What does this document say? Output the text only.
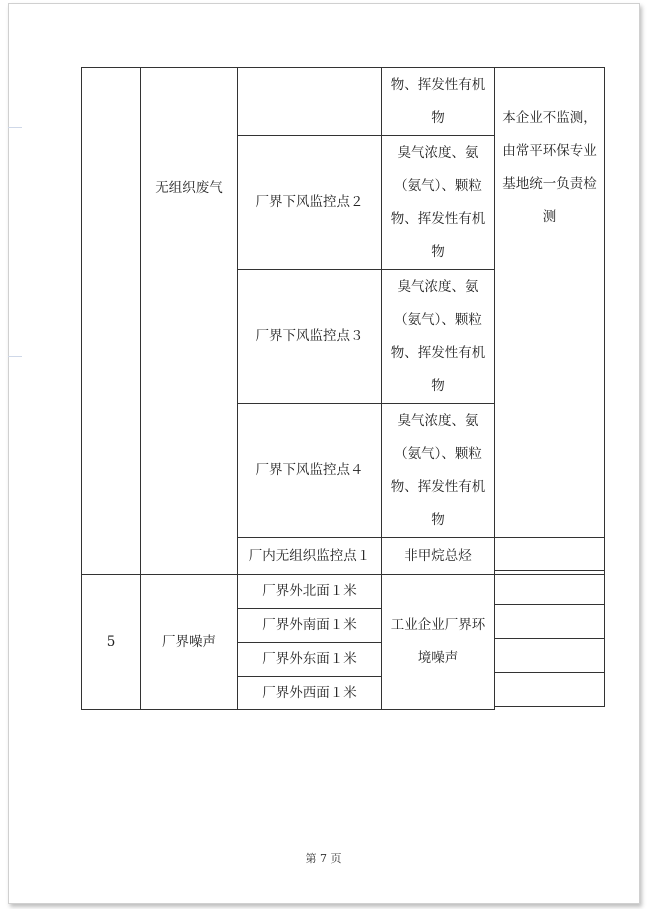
5
无组织废气
厂界噪声
厂界下风监控点２
厂界下风监控点３
厂界下风监控点４
厂内无组织监控点１
厂界外北面１米
厂界外南面１米
厂界外东面１米
厂界外西面１米
物、挥发性有机物
臭气浓度、氨（氨气）、颗粒物、挥发性有机物
臭气浓度、氨（氨气）、颗粒物、挥发性有机物
臭气浓度、氨（氨气）、颗粒物、挥发性有机物
非甲烷总烃
工业企业厂界环境噪声
本企业不监测，由常平环保专业基地统一负责检测
第 7 页
